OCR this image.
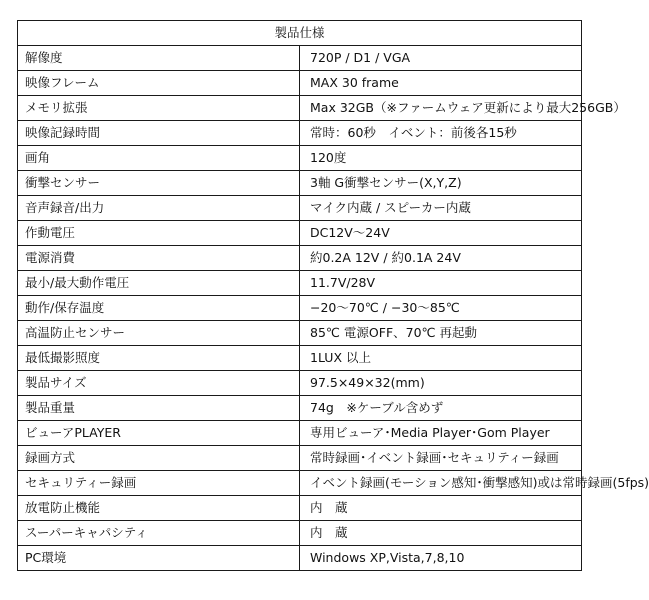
製品仕様	
解像度	720P / D1 / VGA
映像フレーム	MAX 30 frame
メモリ拡張	Max 32GB（※ファームウェア更新により最大256GB）
映像記録時間	常時：60秒　イベント：前後各15秒
画角	120度
衝撃センサー	3軸 G衝撃センサー(X,Y,Z)
音声録音/出力	マイク内蔵 / スピーカー内蔵
作動電圧	DC12V〜24V
電源消費	約0.2A 12V / 約0.1A 24V
最小/最大動作電圧	11.7V/28V
動作/保存温度	−20〜70℃ / −30〜85℃
高温防止センサー	85℃ 電源OFF、70℃ 再起動
最低撮影照度	1LUX 以上
製品サイズ	97.5×49×32(mm)
製品重量	74g　※ケーブル含めず
ビューアPLAYER	専用ビューア･Media Player･Gom Player
録画方式	常時録画･イベント録画･セキュリティー録画
セキュリティー録画	イベント録画(モーション感知･衝撃感知)或は常時録画(5fps)
放電防止機能	内　蔵
スーパーキャパシティ	内　蔵
PC環境	Windows XP,Vista,7,8,10
